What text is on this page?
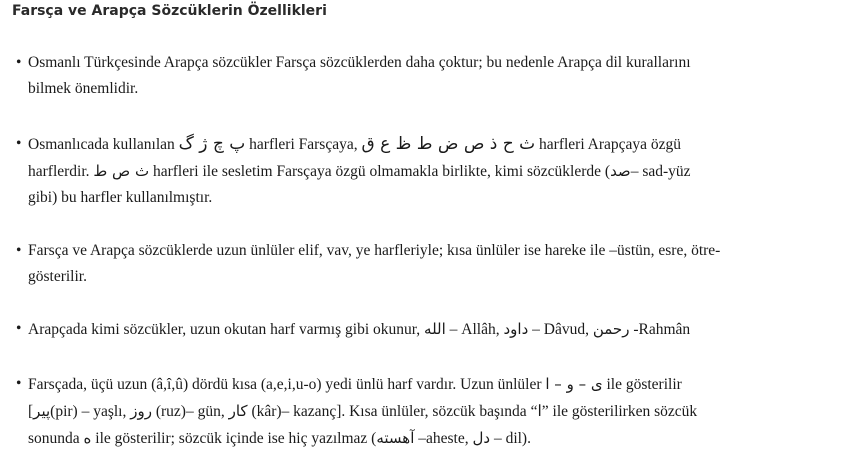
Farsça ve Arapça Sözcüklerin Özellikleri
• Osmanlı Türkçesinde Arapça sözcükler Farsça sözcüklerden daha çoktur; bu nedenle Arapça dil kurallarını
bilmek önemlidir.
• Osmanlıcada kullanılan پ چ ژ گ harfleri Farsçaya, ث ح ذ ص ض ط ظ ع ق harfleri Arapçaya özgü
harflerdir. ث ص ط harfleri ile sesletim Farsçaya özgü olmamakla birlikte, kimi sözcüklerde (صد– sad-yüz
gibi) bu harfler kullanılmıştır.
• Farsça ve Arapça sözcüklerde uzun ünlüler elif, vav, ye harfleriyle; kısa ünlüler ise hareke ile –üstün, esre, ötre-
gösterilir.
• Arapçada kimi sözcükler, uzun okutan harf varmış gibi okunur, الله – Allâh, داود – Dâvud, رحمن -Rahmân
• Farsçada, üçü uzun (â,î,û) dördü kısa (a,e,i,u-o) yedi ünlü harf vardır. Uzun ünlüler ی – و – ا ile gösterilir
[پیر(pir) – yaşlı, روز (ruz)– gün, كار (kâr)– kazanç]. Kısa ünlüler, sözcük başında “ا” ile gösterilirken sözcük
sonunda ه ile gösterilir; sözcük içinde ise hiç yazılmaz (آهسته –aheste, دل – dil).
